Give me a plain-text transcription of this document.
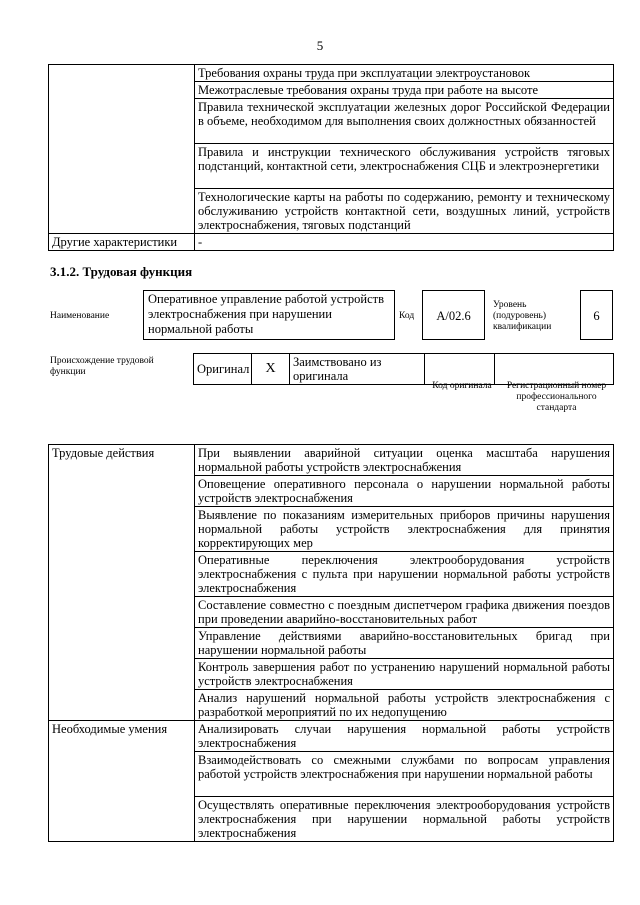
5
	Требования охраны труда при эксплуатации электроустановок
	Межотраслевые требования охраны труда при работе на высоте
	Правила технической эксплуатации железных дорог Российской Федерации в объеме, необходимом для выполнения своих должностных обязанностей
	Правила и инструкции технического обслуживания устройств тяговых подстанций, контактной сети, электроснабжения СЦБ и электроэнергетики
	Технологические карты на работы по содержанию, ремонту и техническому обслуживанию устройств контактной сети, воздушных линий, устройств электроснабжения, тяговых подстанций
Другие характеристики	-
3.1.2. Трудовая функция
Наименование
Оперативное управление работой устройств электроснабжения при нарушении нормальной работы
Код	А/02.6
Уровень (подуровень) квалификации
6
Происхождение трудовой функции	Оригинал	X	Заимствовано из оригинала		
Код оригинала	Регистрационный номер профессионального стандарта
Трудовые действия	При выявлении аварийной ситуации оценка масштаба нарушения нормальной работы устройств электроснабжения
	Оповещение оперативного персонала о нарушении нормальной работы устройств электроснабжения
	Выявление по показаниям измерительных приборов причины нарушения нормальной работы устройств электроснабжения для принятия корректирующих мер
	Оперативные переключения электрооборудования устройств электроснабжения с пульта при нарушении нормальной работы устройств электроснабжения
	Составление совместно с поездным диспетчером графика движения поездов при проведении аварийно-восстановительных работ
	Управление действиями аварийно-восстановительных бригад при нарушении нормальной работы
	Контроль завершения работ по устранению нарушений нормальной работы устройств электроснабжения
	Анализ нарушений нормальной работы устройств электроснабжения с разработкой мероприятий по их недопущению
Необходимые умения	Анализировать случаи нарушения нормальной работы устройств электроснабжения
	Взаимодействовать со смежными службами по вопросам управления работой устройств электроснабжения при нарушении нормальной работы
	Осуществлять оперативные переключения электрооборудования устройств электроснабжения при нарушении нормальной работы устройств электроснабжения
